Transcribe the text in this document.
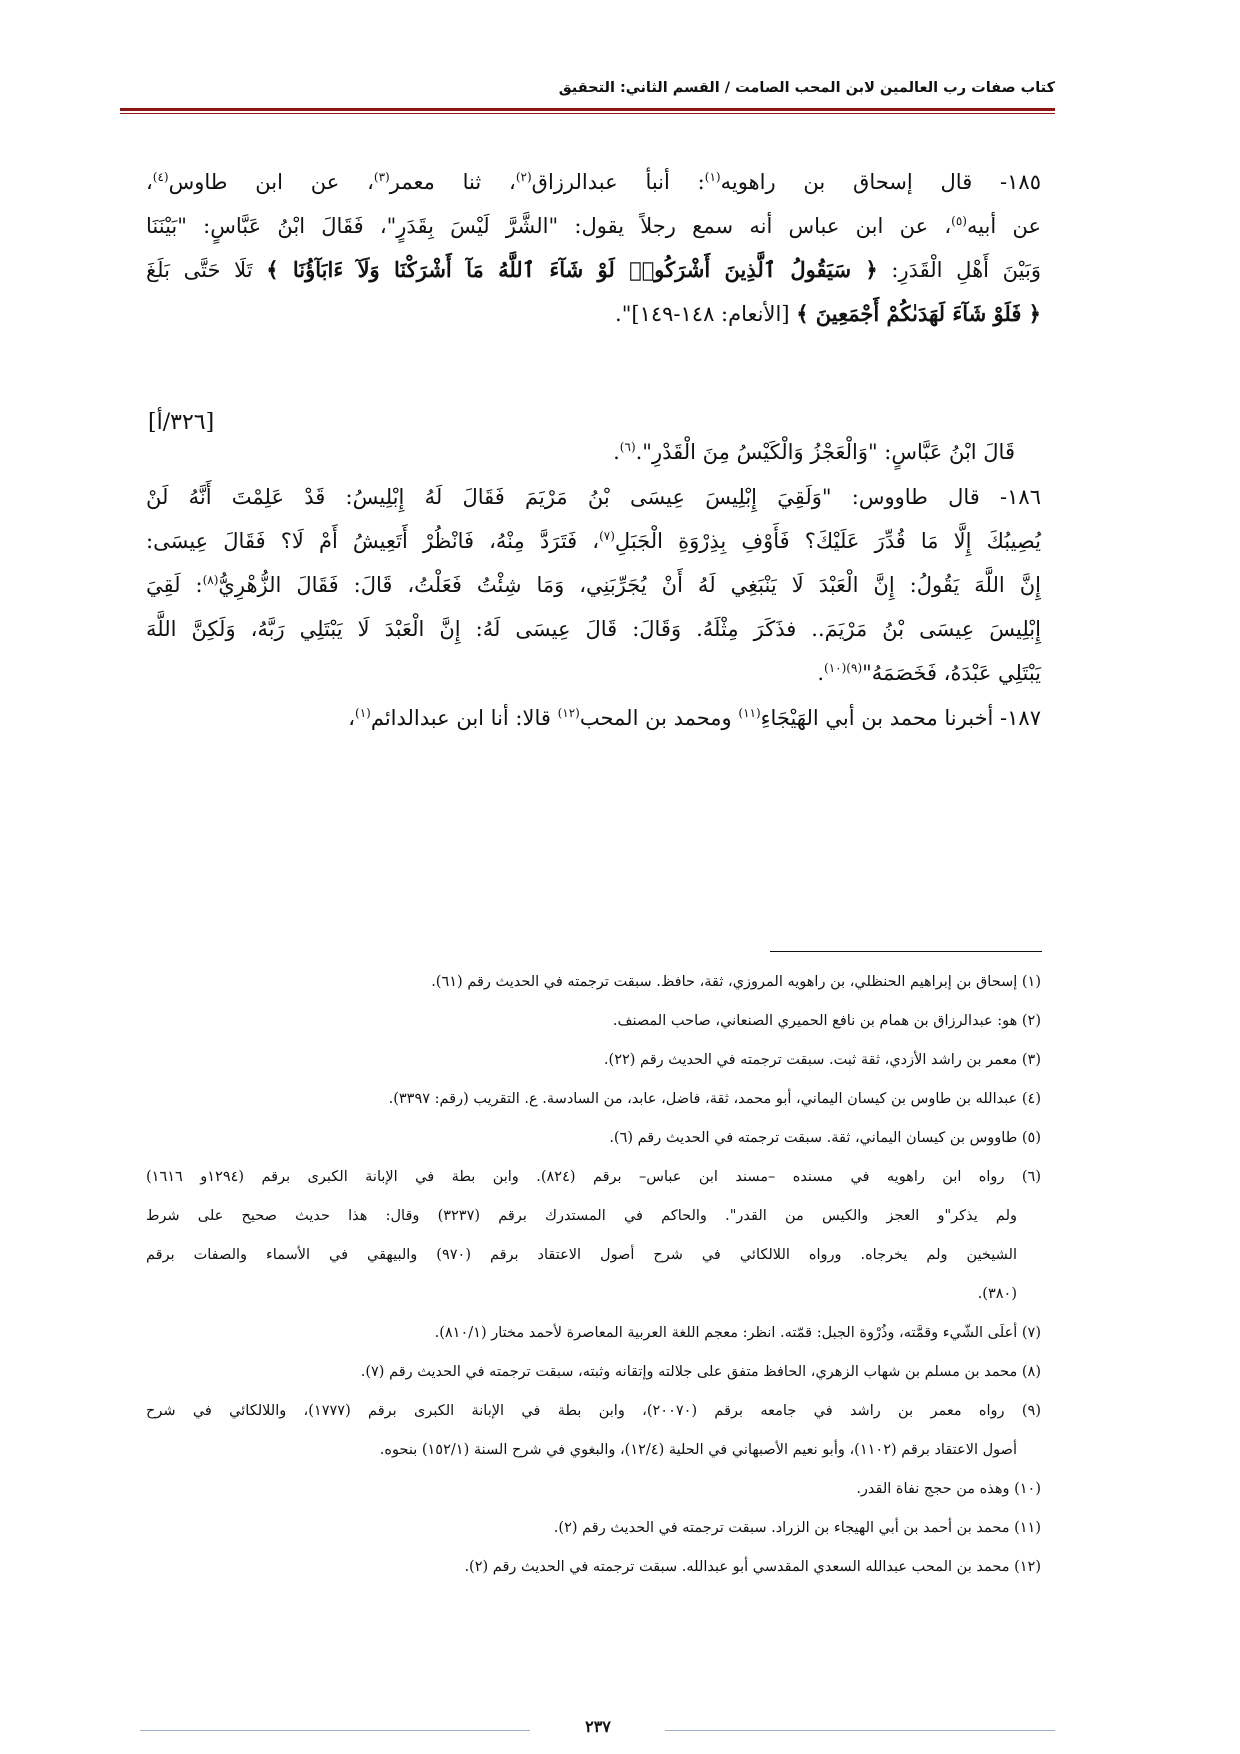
كتاب صفات رب العالمين لابن المحب الصامت / القسم الثاني: التحقيق
١٨٥- قال إسحاق بن راهويه$^{(١)}$: أنبأ عبدالرزاق$^{(٢)}$، ثنا معمر$^{(٣)}$، عن ابن طاوس$^{(٤)}$،
عن أبيه$^{(٥)}$، عن ابن عباس أنه سمع رجلاً يقول: "الشَّرَّ لَيْسَ بِقَدَرٍ"، فَقَالَ ابْنُ عَبَّاسٍ: "بَيْنَنَا
وَبَيْنَ أَهْلِ الْقَدَرِ: ﴿ سَيَقُولُ ٱلَّذِينَ أَشْرَكُوا۟ لَوْ شَآءَ ٱللَّهُ مَآ أَشْرَكْنَا وَلَآ ءَابَآؤُنَا ﴾ تَلَا حَتَّى بَلَغَ
﴿ فَلَوْ شَآءَ لَهَدَىٰكُمْ أَجْمَعِينَ ﴾ [الأنعام: ١٤٨-١٤٩]".
[٣٢٦/أ]
قَالَ ابْنُ عَبَّاسٍ: "وَالْعَجْزُ وَالْكَيْسُ مِنَ الْقَدْرِ".$^{(٦)}$.
١٨٦- قال طاووس: "وَلَقِيَ إِبْلِيسَ عِيسَى بْنُ مَرْيَمَ فَقَالَ لَهُ إِبْلِيسُ: قَدْ عَلِمْتَ أَنَّهُ لَنْ
يُصِيبُكَ إِلَّا مَا قُدِّرَ عَلَيْكَ؟ فَأَوْفِ بِذِرْوَةِ الْجَبَلِ$^{(٧)}$، فَتَرَدَّ مِنْهُ، فَانْظُرْ أَتَعِيشُ أَمْ لَا؟ فَقَالَ عِيسَى:
إِنَّ اللَّهَ يَقُولُ: إِنَّ الْعَبْدَ لَا يَنْبَغِي لَهُ أَنْ يُجَرِّبَنِي، وَمَا شِئْتُ فَعَلْتُ، قَالَ: فَقَالَ الزُّهْرِيُّ$^{(٨)}$: لَقِيَ
إِبْلِيسَ عِيسَى بْنُ مَرْيَمَ.. فذَكَرَ مِثْلَهُ. وَقَالَ: قَالَ عِيسَى لَهُ: إِنَّ الْعَبْدَ لَا يَبْتَلِي رَبَّهُ، وَلَكِنَّ اللَّهَ
يَبْتَلِي عَبْدَهُ، فَخَصَمَهُ"$^{(٩)(١٠)}$.
١٨٧- أخبرنا محمد بن أبي الهَيْجَاءِ$^{(١١)}$ ومحمد بن المحب$^{(١٢)}$ قالا: أنا ابن عبدالدائم$^{(١)}$،
(١) إسحاق بن إبراهيم الحنظلي، بن راهويه المروزي، ثقة، حافظ. سبقت ترجمته في الحديث رقم (٦١).
(٢) هو: عبدالرزاق بن همام بن نافع الحميري الصنعاني، صاحب المصنف.
(٣) معمر بن راشد الأزدي، ثقة ثبت. سبقت ترجمته في الحديث رقم (٢٢).
(٤) عبدالله بن طاوس بن كيسان اليماني، أبو محمد، ثقة، فاضل، عابد، من السادسة. ع. التقريب (رقم: ٣٣٩٧).
(٥) طاووس بن كيسان اليماني، ثقة. سبقت ترجمته في الحديث رقم (٦).
(٦) رواه ابن راهويه في مسنده –مسند ابن عباس– برقم (٨٢٤). وابن بطة في الإبانة الكبرى برقم (١٢٩٤و ١٦١٦)
ولم يذكر"و العجز والكيس من القدر". والحاكم في المستدرك برقم (٣٢٣٧) وقال: هذا حديث صحيح على شرط
الشيخين ولم يخرجاه. ورواه اللالكائي في شرح أصول الاعتقاد برقم (٩٧٠) والبيهقي في الأسماء والصفات برقم
(٣٨٠).
(٧) أعلَى الشّيء وقمَّته، وذُرْوة الجبل: قمّته. انظر: معجم اللغة العربية المعاصرة لأحمد مختار (٨١٠/١).
(٨) محمد بن مسلم بن شهاب الزهري، الحافظ متفق على جلالته وإتقانه وثبته، سبقت ترجمته في الحديث رقم (٧).
(٩) رواه معمر بن راشد في جامعه برقم (٢٠٠٧٠)، وابن بطة في الإبانة الكبرى برقم (١٧٧٧)، واللالكائي في شرح
أصول الاعتقاد برقم (١١٠٢)، وأبو نعيم الأصبهاني في الحلية (١٢/٤)، والبغوي في شرح السنة (١٥٢/١) بنحوه.
(١٠) وهذه من حجج نفاة القدر.
(١١) محمد بن أحمد بن أبي الهيجاء بن الزراد. سبقت ترجمته في الحديث رقم (٢).
(١٢) محمد بن المحب عبدالله السعدي المقدسي أبو عبدالله. سبقت ترجمته في الحديث رقم (٢).
٢٣٧
